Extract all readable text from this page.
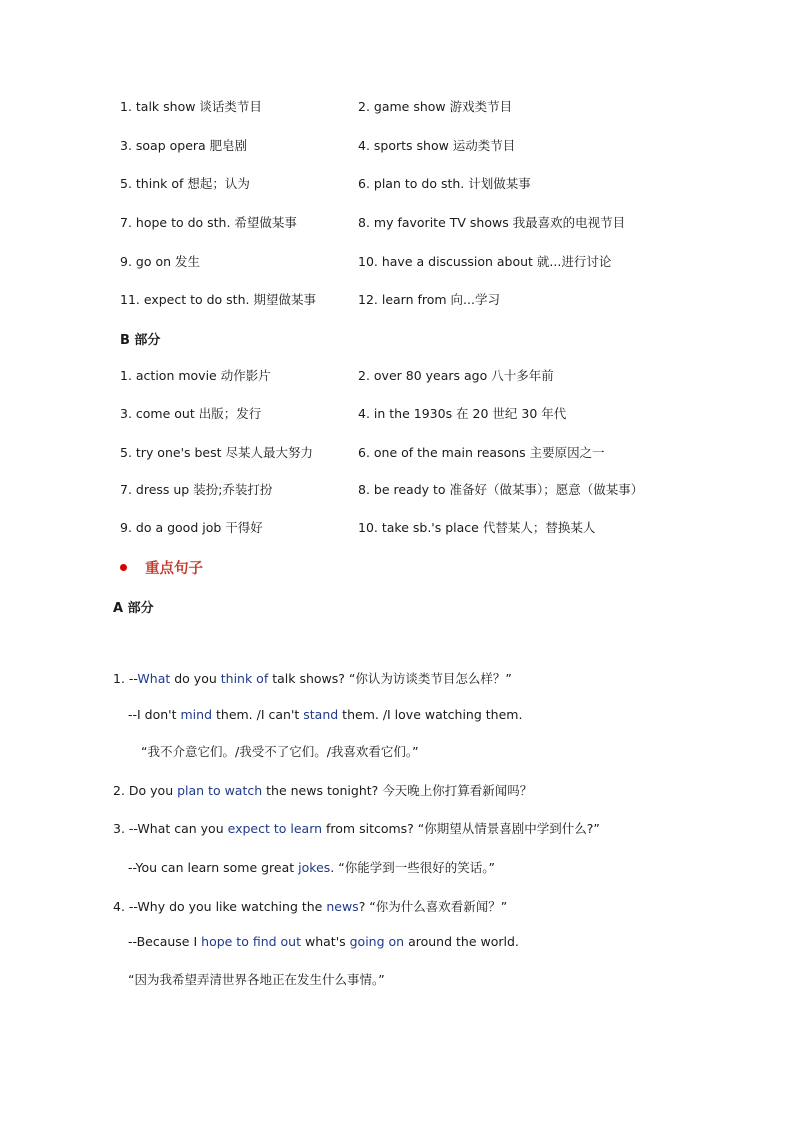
1. talk show 谈话类节目	2. game show 游戏类节目
3. soap opera 肥皂剧	4. sports show 运动类节目
5. think of 想起；认为	6. plan to do sth. 计划做某事
7. hope to do sth. 希望做某事	8. my favorite TV shows 我最喜欢的电视节目
9. go on 发生	10. have a discussion about 就...进行讨论
11. expect to do sth. 期望做某事	12. learn from 向...学习
B 部分
1. action movie 动作影片	2. over 80 years ago 八十多年前
3. come out 出版；发行	4. in the 1930s 在 20 世纪 30 年代
5. try one's best 尽某人最大努力	6. one of the main reasons 主要原因之一
7. dress up 装扮;乔装打扮	8. be ready to 准备好（做某事）；愿意（做某事）
9. do a good job 干得好	10. take sb.'s place 代替某人；替换某人
重点句子
A 部分
1. --What do you think of talk shows? “你认为访谈类节目怎么样？”
--I don't mind them. /I can't stand them. /I love watching them.
“我不介意它们。/我受不了它们。/我喜欢看它们。”
2. Do you plan to watch the news tonight? 今天晚上你打算看新闻吗？
3. --What can you expect to learn from sitcoms? “你期望从情景喜剧中学到什么?”
--You can learn some great jokes. “你能学到一些很好的笑话。”
4. --Why do you like watching the news? “你为什么喜欢看新闻？”
--Because I hope to find out what's going on around the world.
“因为我希望弄清世界各地正在发生什么事情。”
